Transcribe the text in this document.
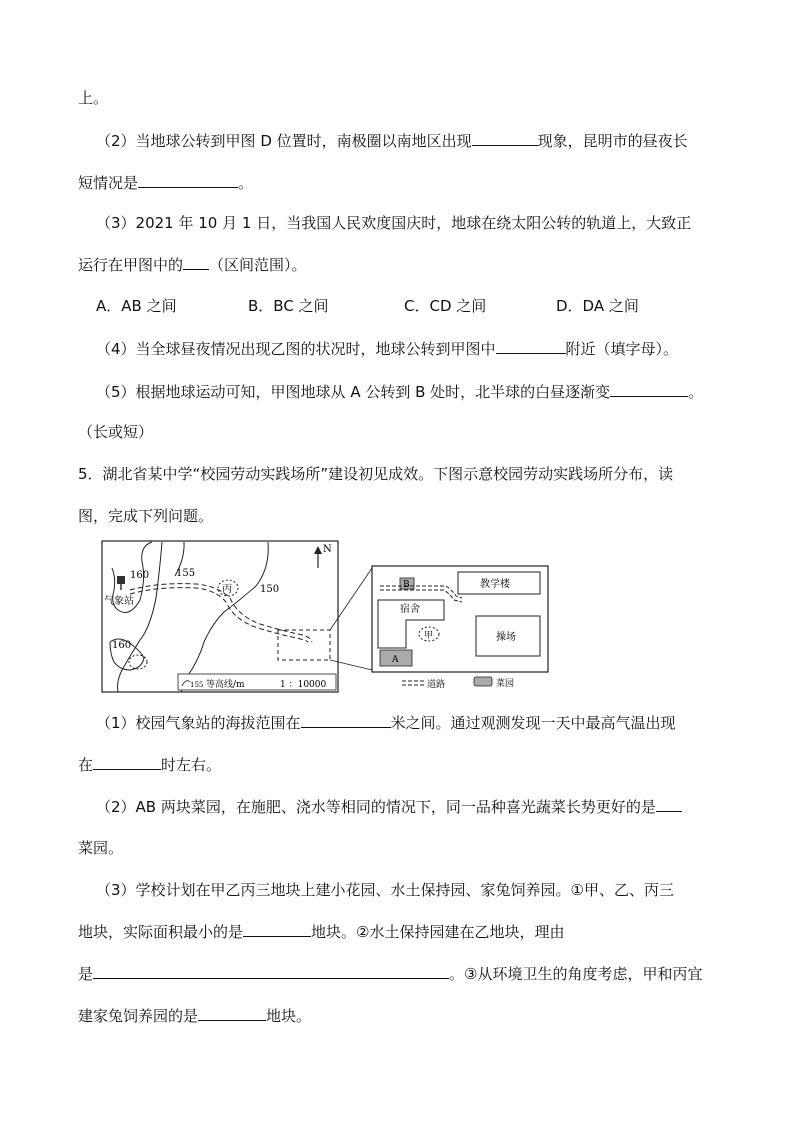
上。
（2）当地球公转到甲图 D 位置时，南极圈以南地区出现	现象，昆明市的昼夜长
短情况是	。
（3）2021 年 10 月 1 日，当我国人民欢度国庆时，地球在绕太阳公转的轨道上，大致正
运行在甲图中的 （区间范围）。
A．AB 之间	B．BC 之间	C．CD 之间	D．DA 之间
（4）当全球昼夜情况出现乙图的状况时，地球公转到甲图中	附近（填字母）。
（5）根据地球运动可知，甲图地球从 A 公转到 B 处时，北半球的白昼逐渐变	。
（长或短）
5．湖北省某中学“校园劳动实践场所”建设初见成效。下图示意校园劳动实践场所分布，读
图，完成下列问题。
160	155
150
160
气象站
丙
N
155 等高线/m	1 ：10000
B	教学楼
宿舍
甲	操场
A
道路	菜园
（1）校园气象站的海拔范围在	米之间。通过观测发现一天中最高气温出现
在	时左右。
（2）AB 两块菜园，在施肥、浇水等相同的情况下，同一品种喜光蔬菜长势更好的是
菜园。
（3）学校计划在甲乙丙三地块上建小花园、水土保持园、家兔饲养园。①甲、乙、丙三
地块，实际面积最小的是	地块。②水土保持园建在乙地块，理由
是	。③从环境卫生的角度考虑，甲和丙宜
建家兔饲养园的是	地块。
